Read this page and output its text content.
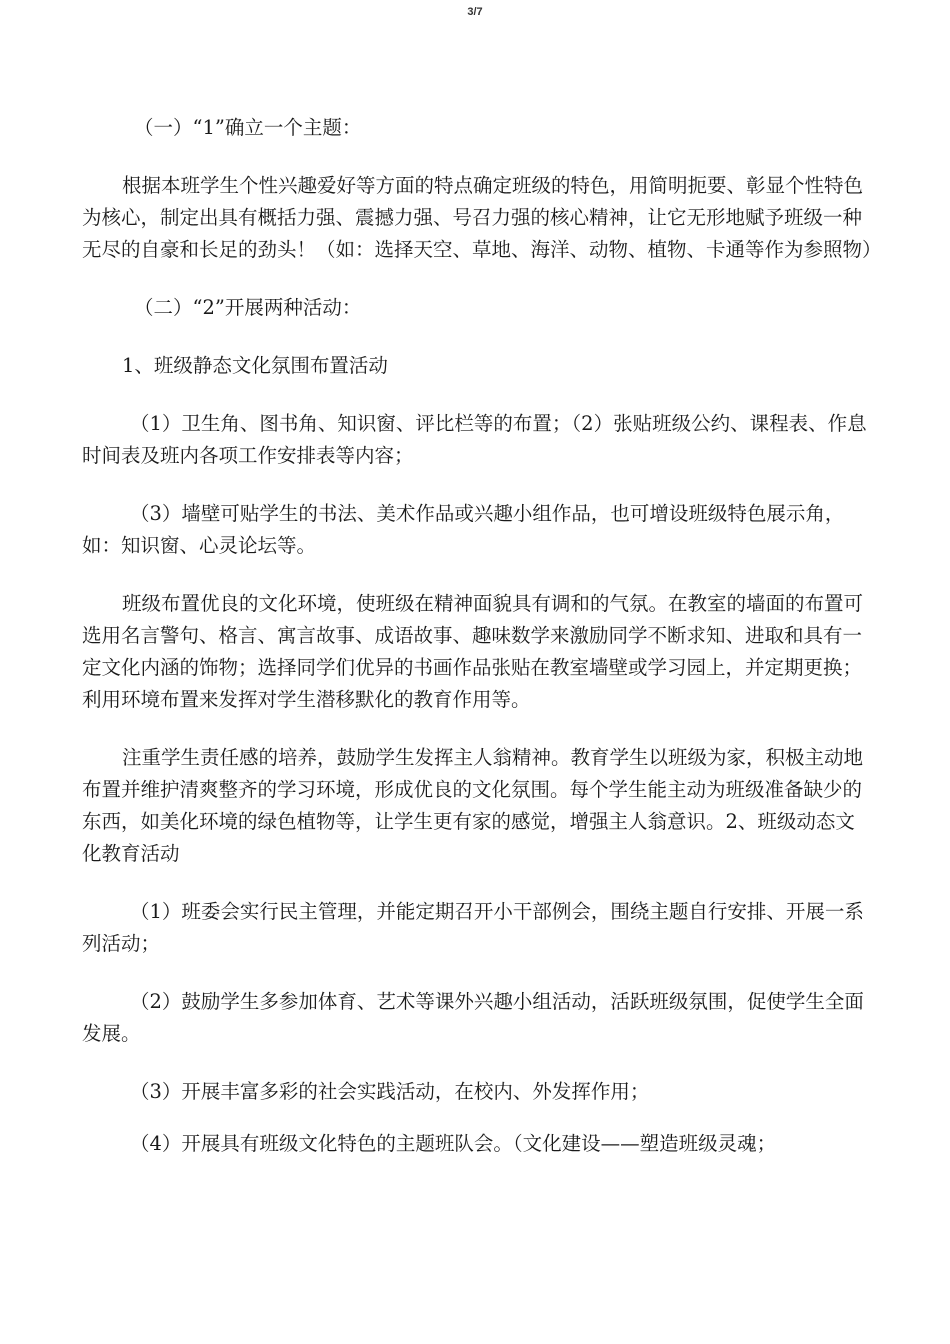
3/7

（一）“1”确立一个主题：

根据本班学生个性兴趣爱好等方面的特点确定班级的特色，用简明扼要、彰显个性特色为核心，制定出具有概括力强、震撼力强、号召力强的核心精神，让它无形地赋予班级一种无尽的自豪和长足的劲头！（如：选择天空、草地、海洋、动物、植物、卡通等作为参照物）

（二）“2”开展两种活动：

1、班级静态文化氛围布置活动

（1）卫生角、图书角、知识窗、评比栏等的布置；（2）张贴班级公约、课程表、作息时间表及班内各项工作安排表等内容；

（3）墙壁可贴学生的书法、美术作品或兴趣小组作品，也可增设班级特色展示角，如：知识窗、心灵论坛等。

班级布置优良的文化环境，使班级在精神面貌具有调和的气氛。在教室的墙面的布置可选用名言警句、格言、寓言故事、成语故事、趣味数学来激励同学不断求知、进取和具有一定文化内涵的饰物；选择同学们优异的书画作品张贴在教室墙壁或学习园上，并定期更换；利用环境布置来发挥对学生潜移默化的教育作用等。

注重学生责任感的培养，鼓励学生发挥主人翁精神。教育学生以班级为家，积极主动地布置并维护清爽整齐的学习环境，形成优良的文化氛围。每个学生能主动为班级准备缺少的东西，如美化环境的绿色植物等，让学生更有家的感觉，增强主人翁意识。2、班级动态文化教育活动

（1）班委会实行民主管理，并能定期召开小干部例会，围绕主题自行安排、开展一系列活动；

（2）鼓励学生多参加体育、艺术等课外兴趣小组活动，活跃班级氛围，促使学生全面发展。

（3）开展丰富多彩的社会实践活动，在校内、外发挥作用；

（4）开展具有班级文化特色的主题班队会。（文化建设——塑造班级灵魂；
